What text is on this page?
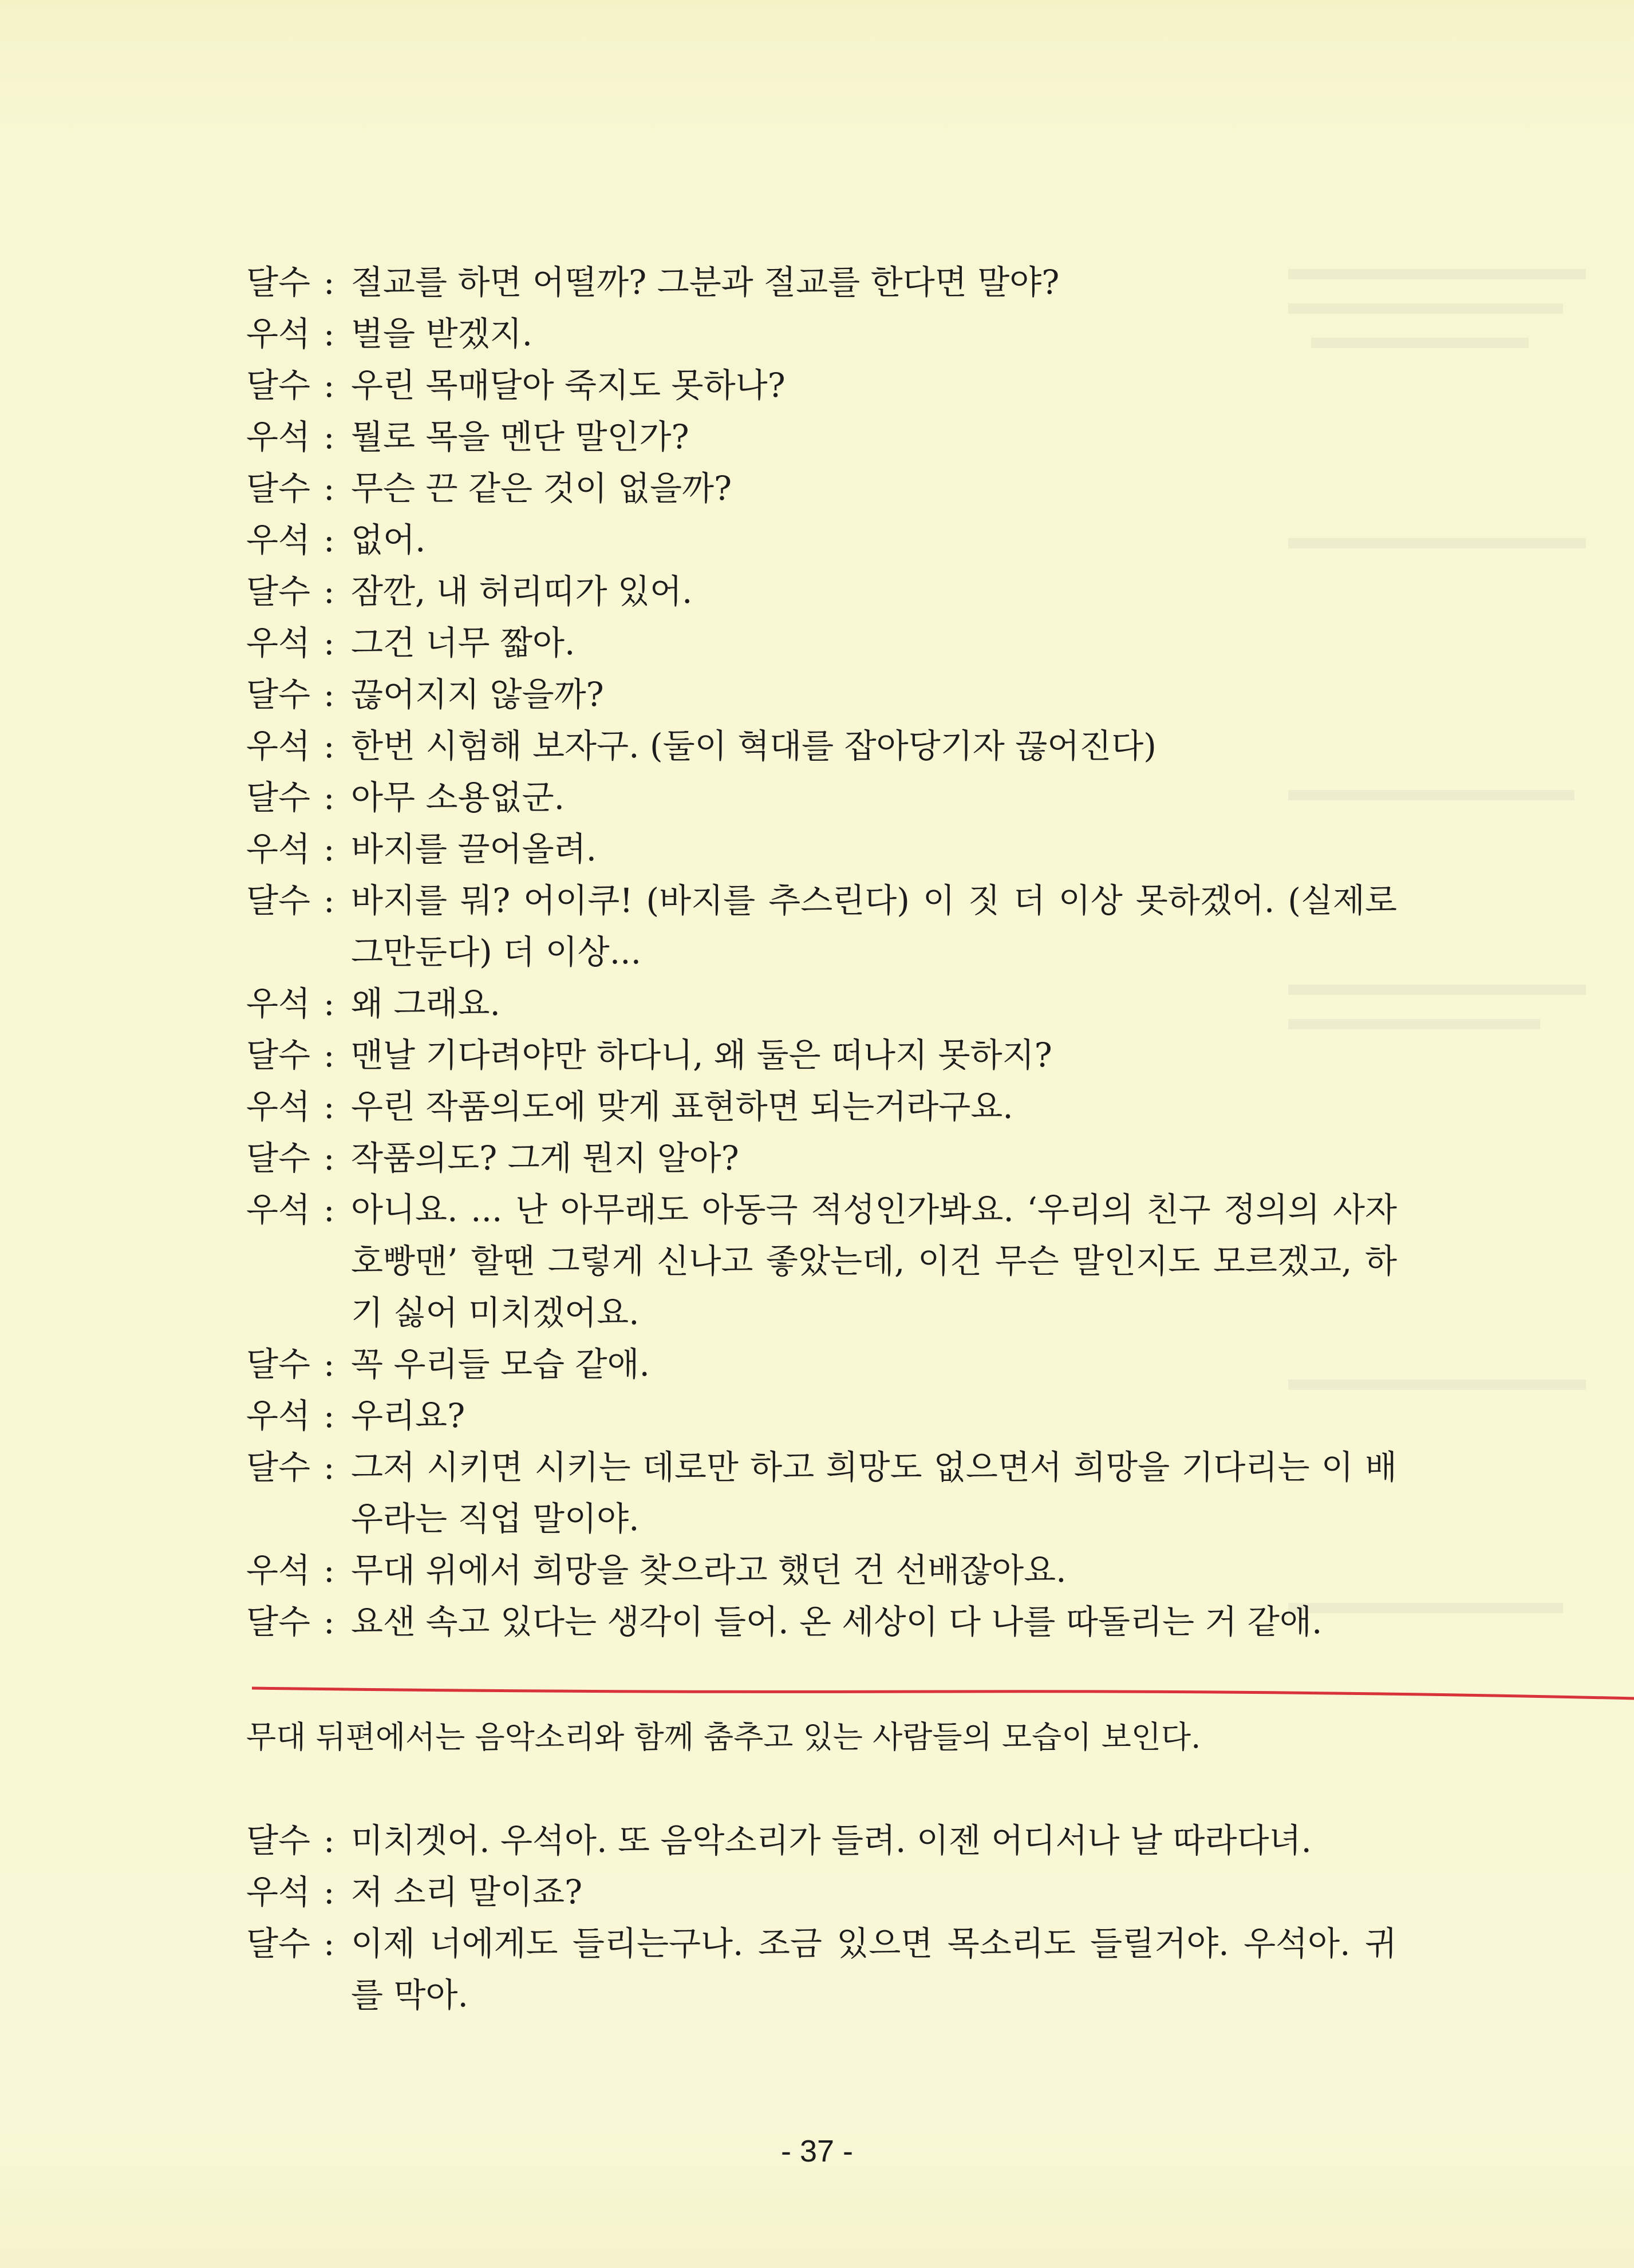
달수 : 절교를 하면 어떨까? 그분과 절교를 한다면 말야?
우석 : 벌을 받겠지.
달수 : 우린 목매달아 죽지도 못하나?
우석 : 뭘로 목을 멘단 말인가?
달수 : 무슨 끈 같은 것이 없을까?
우석 : 없어.
달수 : 잠깐, 내 허리띠가 있어.
우석 : 그건 너무 짧아.
달수 : 끊어지지 않을까?
우석 : 한번 시험해 보자구. (둘이 혁대를 잡아당기자 끊어진다)
달수 : 아무 소용없군.
우석 : 바지를 끌어올려.
달수 : 바지를 뭐? 어이쿠! (바지를 추스린다) 이 짓 더 이상 못하겠어. (실제로 그만둔다) 더 이상...
우석 : 왜 그래요.
달수 : 맨날 기다려야만 하다니, 왜 둘은 떠나지 못하지?
우석 : 우린 작품의도에 맞게 표현하면 되는거라구요.
달수 : 작품의도? 그게 뭔지 알아?
우석 : 아니요. ... 난 아무래도 아동극 적성인가봐요. ‘우리의 친구 정의의 사자 호빵맨’ 할땐 그렇게 신나고 좋았는데, 이건 무슨 말인지도 모르겠고, 하기 싫어 미치겠어요.
달수 : 꼭 우리들 모습 같애.
우석 : 우리요?
달수 : 그저 시키면 시키는 데로만 하고 희망도 없으면서 희망을 기다리는 이 배우라는 직업 말이야.
우석 : 무대 위에서 희망을 찾으라고 했던 건 선배잖아요.
달수 : 요샌 속고 있다는 생각이 들어. 온 세상이 다 나를 따돌리는 거 같애.
무대 뒤편에서는 음악소리와 함께 춤추고 있는 사람들의 모습이 보인다.
달수 : 미치겟어. 우석아. 또 음악소리가 들려. 이젠 어디서나 날 따라다녀.
우석 : 저 소리 말이죠?
달수 : 이제 너에게도 들리는구나. 조금 있으면 목소리도 들릴거야. 우석아. 귀를 막아.
- 37 -
